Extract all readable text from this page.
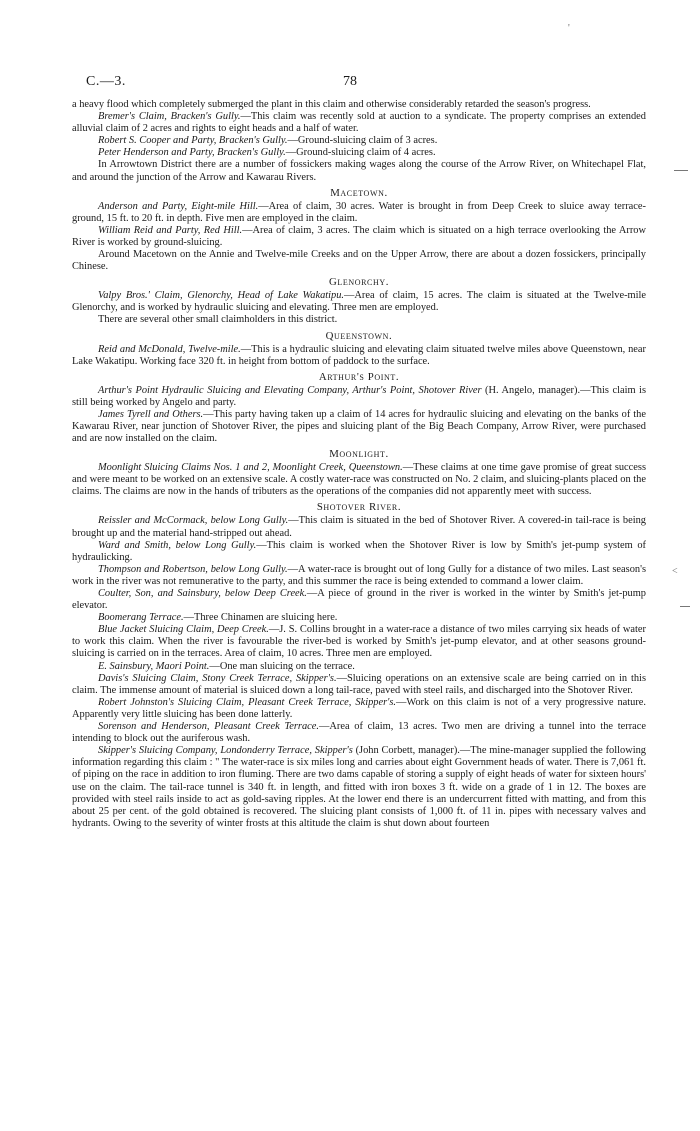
C.—3.	78
'
˂

a heavy flood which completely submerged the plant in this claim and otherwise considerably retarded the season's progress.

Bremer's Claim, Bracken's Gully.—This claim was recently sold at auction to a syndicate. The property comprises an extended alluvial claim of 2 acres and rights to eight heads and a half of water.

Robert S. Cooper and Party, Bracken's Gully.—Ground-sluicing claim of 3 acres.

Peter Henderson and Party, Bracken's Gully.—Ground-sluicing claim of 4 acres.

In Arrowtown District there are a number of fossickers making wages along the course of the Arrow River, on Whitechapel Flat, and around the junction of the Arrow and Kawarau Rivers.

Macetown.

Anderson and Party, Eight-mile Hill.—Area of claim, 30 acres. Water is brought in from Deep Creek to sluice away terrace-ground, 15 ft. to 20 ft. in depth. Five men are employed in the claim.

William Reid and Party, Red Hill.—Area of claim, 3 acres. The claim which is situated on a high terrace overlooking the Arrow River is worked by ground-sluicing.

Around Macetown on the Annie and Twelve-mile Creeks and on the Upper Arrow, there are about a dozen fossickers, principally Chinese.

Glenorchy.

Valpy Bros.' Claim, Glenorchy, Head of Lake Wakatipu.—Area of claim, 15 acres. The claim is situated at the Twelve-mile Glenorchy, and is worked by hydraulic sluicing and elevating. Three men are employed.

There are several other small claimholders in this district.

Queenstown.

Reid and McDonald, Twelve-mile.—This is a hydraulic sluicing and elevating claim situated twelve miles above Queenstown, near Lake Wakatipu. Working face 320 ft. in height from bottom of paddock to the surface.

Arthur's Point.

Arthur's Point Hydraulic Sluicing and Elevating Company, Arthur's Point, Shotover River (H. Angelo, manager).—This claim is still being worked by Angelo and party.

James Tyrell and Others.—This party having taken up a claim of 14 acres for hydraulic sluicing and elevating on the banks of the Kawarau River, near junction of Shotover River, the pipes and sluicing plant of the Big Beach Company, Arrow River, were purchased and are now installed on the claim.

Moonlight.

Moonlight Sluicing Claims Nos. 1 and 2, Moonlight Creek, Queenstown.—These claims at one time gave promise of great success and were meant to be worked on an extensive scale. A costly water-race was constructed on No. 2 claim, and sluicing-plants placed on the claims. The claims are now in the hands of tributers as the operations of the companies did not apparently meet with success.

Shotover River.

Reissler and McCormack, below Long Gully.—This claim is situated in the bed of Shotover River. A covered-in tail-race is being brought up and the material hand-stripped out ahead.

Ward and Smith, below Long Gully.—This claim is worked when the Shotover River is low by Smith's jet-pump system of hydraulicking.

Thompson and Robertson, below Long Gully.—A water-race is brought out of long Gully for a distance of two miles. Last season's work in the river was not remunerative to the party, and this summer the race is being extended to command a lower claim.

Coulter, Son, and Sainsbury, below Deep Creek.—A piece of ground in the river is worked in the winter by Smith's jet-pump elevator.

Boomerang Terrace.—Three Chinamen are sluicing here.

Blue Jacket Sluicing Claim, Deep Creek.—J. S. Collins brought in a water-race a distance of two miles carrying six heads of water to work this claim. When the river is favourable the river-bed is worked by Smith's jet-pump elevator, and at other seasons ground-sluicing is carried on in the terraces. Area of claim, 10 acres. Three men are employed.

E. Sainsbury, Maori Point.—One man sluicing on the terrace.

Davis's Sluicing Claim, Stony Creek Terrace, Skipper's.—Sluicing operations on an extensive scale are being carried on in this claim. The immense amount of material is sluiced down a long tail-race, paved with steel rails, and discharged into the Shotover River.

Robert Johnston's Sluicing Claim, Pleasant Creek Terrace, Skipper's.—Work on this claim is not of a very progressive nature. Apparently very little sluicing has been done latterly.

Sorenson and Henderson, Pleasant Creek Terrace.—Area of claim, 13 acres. Two men are driving a tunnel into the terrace intending to block out the auriferous wash.

Skipper's Sluicing Company, Londonderry Terrace, Skipper's (John Corbett, manager).—The mine-manager supplied the following information regarding this claim : " The water-race is six miles long and carries about eight Government heads of water. There is 7,061 ft. of piping on the race in addition to iron fluming. There are two dams capable of storing a supply of eight heads of water for sixteen hours' use on the claim. The tail-race tunnel is 340 ft. in length, and fitted with iron boxes 3 ft. wide on a grade of 1 in 12. The boxes are provided with steel rails inside to act as gold-saving ripples. At the lower end there is an undercurrent fitted with matting, and from this about 25 per cent. of the gold obtained is recovered. The sluicing plant consists of 1,000 ft. of 11 in. pipes with necessary valves and hydrants. Owing to the severity of winter frosts at this altitude the claim is shut down about fourteen
